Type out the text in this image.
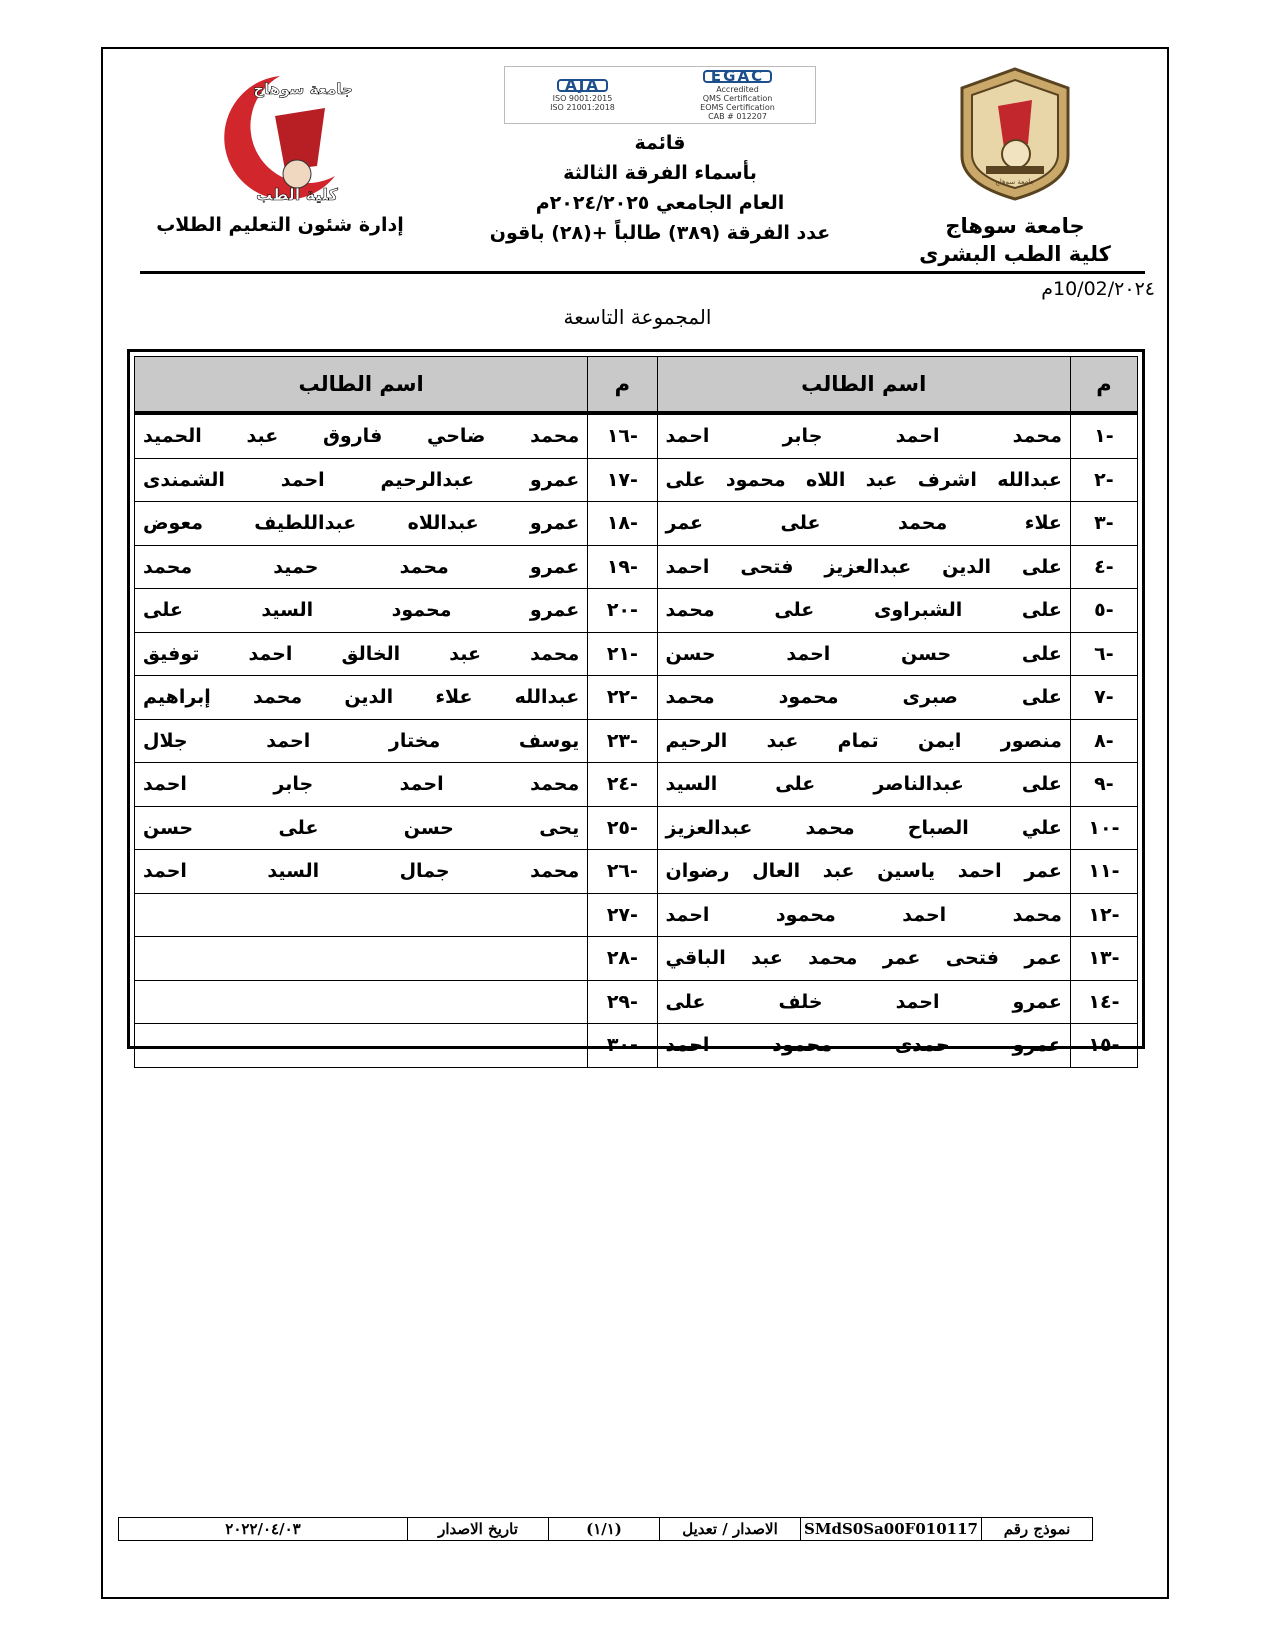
جامعة سوهاج
جامعة سوهاج
كلية الطب البشرى
EGAC
Accredited
QMS Certification
EOMS Certification
CAB # 012207
AJA
ISO 9001:2015
ISO 21001:2018
قائمة
بأسماء الفرقة الثالثة
العام الجامعي ٢٠٢٤/٢٠٢٥م
عدد الفرقة (٣٨٩) طالباً +(٢٨) باقون
جامعة سوهاج
كلية الطب
إدارة شئون التعليم الطلاب
٢٠٢٤/10/02م
المجموعة التاسعة
م	اسم الطالب	م	اسم الطالب
-١	محمد احمد جابر احمد	-١٦	محمد ضاحي فاروق عبد الحميد
-٢	عبدالله اشرف عبد اللاه محمود على	-١٧	عمرو عبدالرحيم احمد الشمندى
-٣	علاء محمد على عمر	-١٨	عمرو عبداللاه عبداللطيف معوض
-٤	على الدين عبدالعزيز فتحى احمد	-١٩	عمرو محمد حميد محمد
-٥	على الشبراوى على محمد	-٢٠	عمرو محمود السيد على
-٦	على حسن احمد حسن	-٢١	محمد عبد الخالق احمد توفيق
-٧	على صبرى محمود محمد	-٢٢	عبدالله علاء الدين محمد إبراهيم
-٨	منصور ايمن تمام عبد الرحيم	-٢٣	يوسف مختار احمد جلال
-٩	على عبدالناصر على السيد	-٢٤	محمد احمد جابر احمد
-١٠	علي الصباح محمد عبدالعزيز	-٢٥	يحى حسن على حسن
-١١	عمر احمد ياسين عبد العال رضوان	-٢٦	محمد جمال السيد احمد
-١٢	محمد احمد محمود احمد	-٢٧	
-١٣	عمر فتحى عمر محمد عبد الباقي	-٢٨	
-١٤	عمرو احمد خلف على	-٢٩	
-١٥	عمرو حمدى محمود احمد	-٣٠	
نموذج رقم
SMdS0Sa00F010117
الاصدار / تعديل
(١/١)
تاريخ الاصدار
٢٠٢٢/٠٤/٠٣
